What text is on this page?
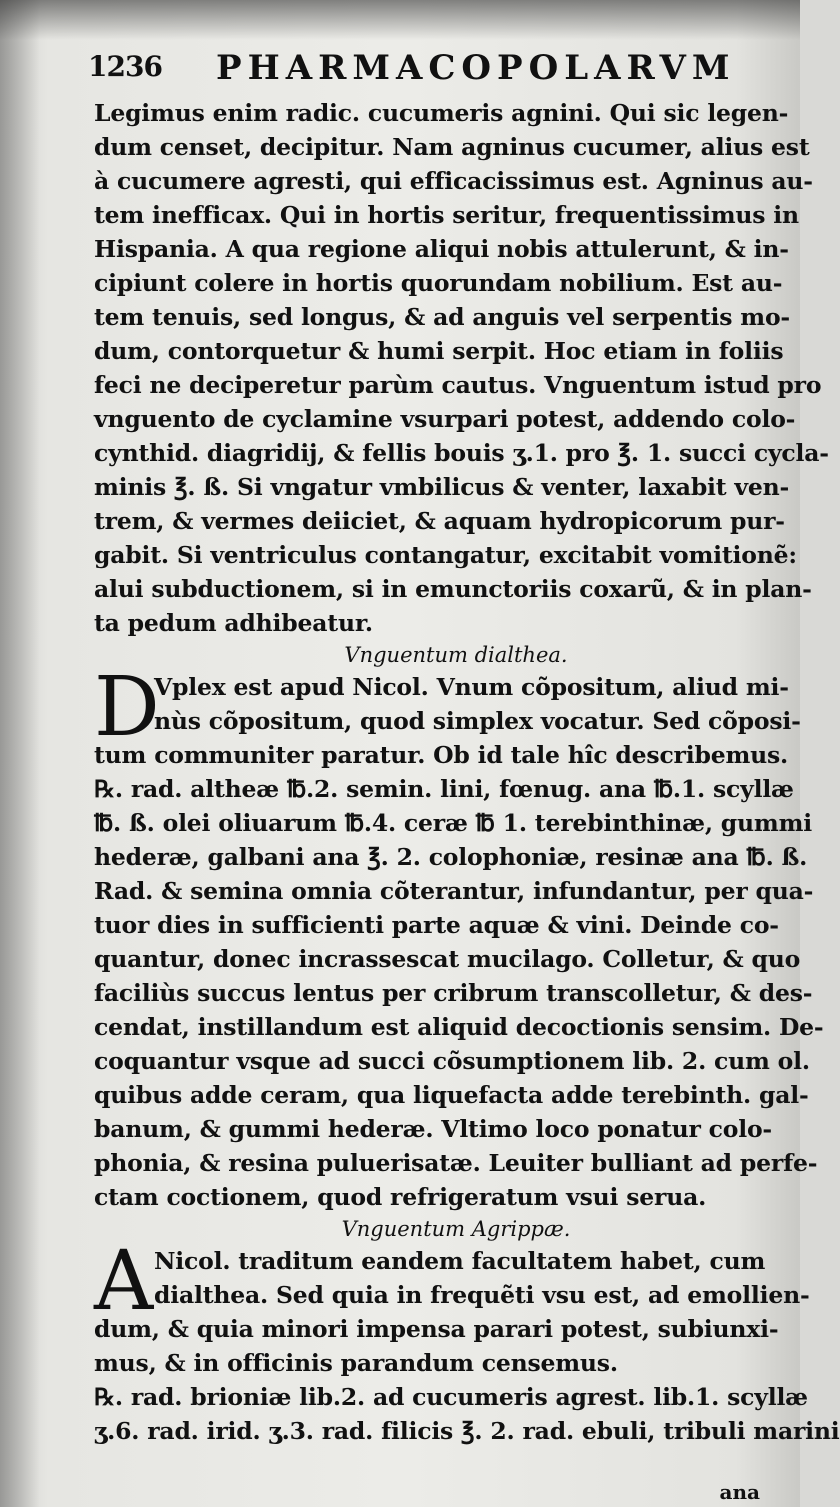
1236 PHARMACOPOLARVM
Legimus enim radic. cucumeris agnini. Qui sic legen-
dum censet, decipitur. Nam agninus cucumer, alius est
à cucumere agresti, qui efficacissimus est. Agninus au-
tem inefficax. Qui in hortis seritur, frequentissimus in
Hispania. A qua regione aliqui nobis attulerunt, & in-
cipiunt colere in hortis quorundam nobilium. Est au-
tem tenuis, sed longus, & ad anguis vel serpentis mo-
dum, contorquetur & humi serpit. Hoc etiam in foliis
feci ne deciperetur parùm cautus. Vnguentum istud pro
vnguento de cyclamine vsurpari potest, addendo colo-
cynthid. diagridij, & fellis bouis ʒ.1. pro ℥. 1. succi cycla-
minis ℥. ß. Si vngatur vmbilicus & venter, laxabit ven-
trem, & vermes deiiciet, & aquam hydropicorum pur-
gabit. Si ventriculus contangatur, excitabit vomitionẽ:
alui subductionem, si in emunctoriis coxarũ, & in plan-
ta pedum adhibeatur.
Vnguentum dialthea.
D
Vplex est apud Nicol. Vnum cõpositum, aliud mi-
nùs cõpositum, quod simplex vocatur. Sed cõposi-
tum communiter paratur. Ob id tale hîc describemus.
℞. rad. altheæ ℔.2. semin. lini, fœnug. ana ℔.1. scyllæ
℔. ß. olei oliuarum ℔.4. ceræ ℔ 1. terebinthinæ, gummi
hederæ, galbani ana ℥. 2. colophoniæ, resinæ ana ℔. ß.
Rad. & semina omnia cõterantur, infundantur, per qua-
tuor dies in sufficienti parte aquæ & vini. Deinde co-
quantur, donec incrassescat mucilago. Colletur, & quo
faciliùs succus lentus per cribrum transcolletur, & des-
cendat, instillandum est aliquid decoctionis sensim. De-
coquantur vsque ad succi cõsumptionem lib. 2. cum ol.
quibus adde ceram, qua liquefacta adde terebinth. gal-
banum, & gummi hederæ. Vltimo loco ponatur colo-
phonia, & resina puluerisatæ. Leuiter bulliant ad perfe-
ctam coctionem, quod refrigeratum vsui serua.
Vnguentum Agrippæ.
A Nicol. traditum eandem facultatem habet, cum
dialthea. Sed quia in frequẽti vsu est, ad emollien-
dum, & quia minori impensa parari potest, subiunxi-
mus, & in officinis parandum censemus.
℞. rad. brioniæ lib.2. ad cucumeris agrest. lib.1. scyllæ
ʒ.6. rad. irid. ʒ.3. rad. filicis ℥. 2. rad. ebuli, tribuli marini
ana
